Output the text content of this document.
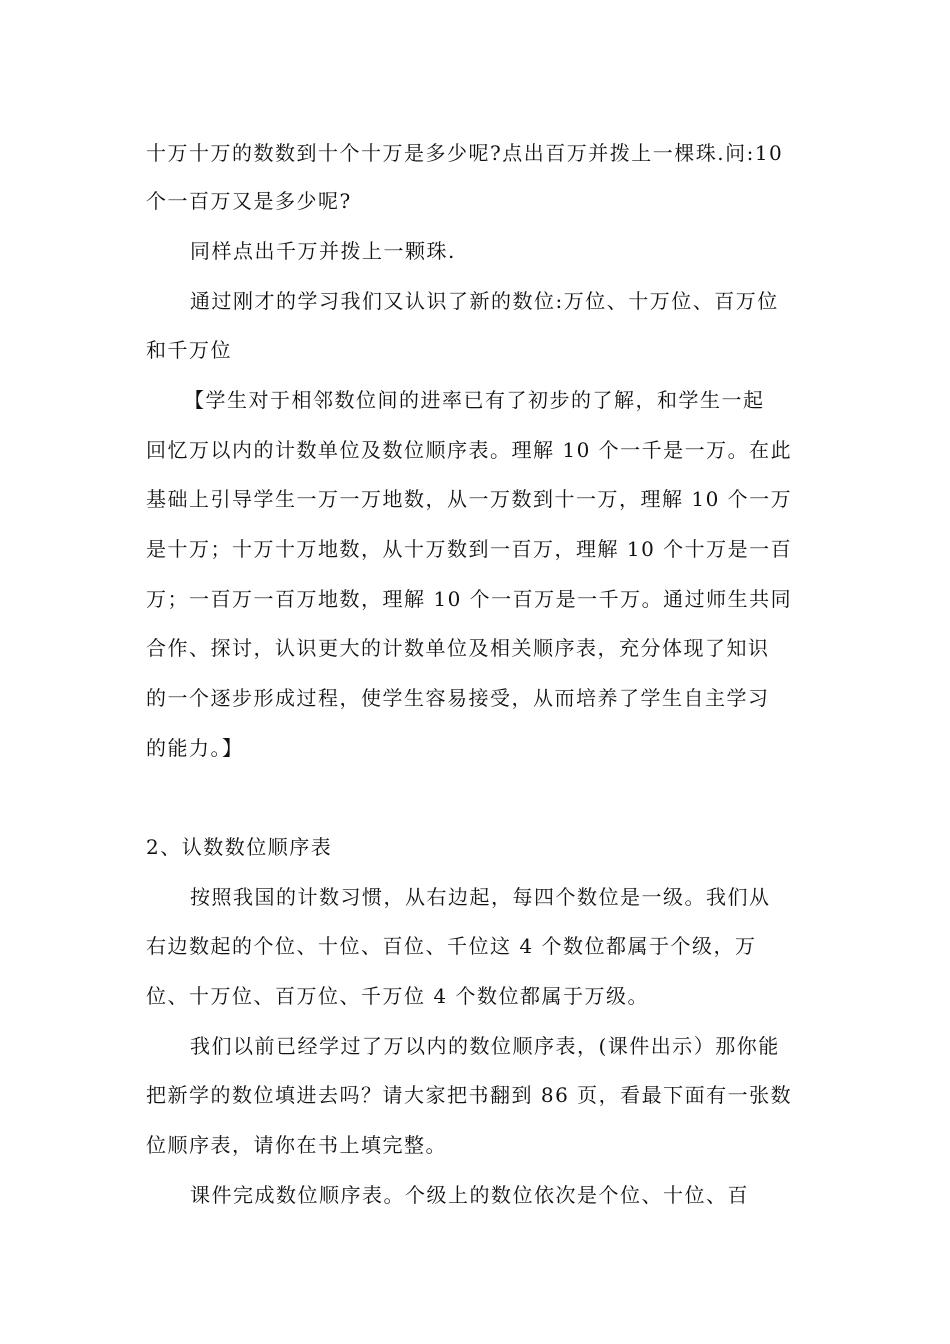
十万十万的数数到十个十万是多少呢?点出百万并拨上一棵珠.问:10
个一百万又是多少呢?
同样点出千万并拨上一颗珠.
通过刚才的学习我们又认识了新的数位:万位、十万位、百万位
和千万位
【学生对于相邻数位间的进率已有了初步的了解，和学生一起
回忆万以内的计数单位及数位顺序表。理解 10 个一千是一万。在此
基础上引导学生一万一万地数，从一万数到十一万，理解 10 个一万
是十万；十万十万地数，从十万数到一百万，理解 10 个十万是一百
万；一百万一百万地数，理解 10 个一百万是一千万。通过师生共同
合作、探讨，认识更大的计数单位及相关顺序表，充分体现了知识
的一个逐步形成过程，使学生容易接受，从而培养了学生自主学习
的能力。】
2、认数数位顺序表
按照我国的计数习惯，从右边起，每四个数位是一级。我们从
右边数起的个位、十位、百位、千位这 4 个数位都属于个级，万
位、十万位、百万位、千万位 4 个数位都属于万级。
我们以前已经学过了万以内的数位顺序表，(课件出示）那你能
把新学的数位填进去吗？请大家把书翻到 86 页，看最下面有一张数
位顺序表，请你在书上填完整。
课件完成数位顺序表。个级上的数位依次是个位、十位、百
